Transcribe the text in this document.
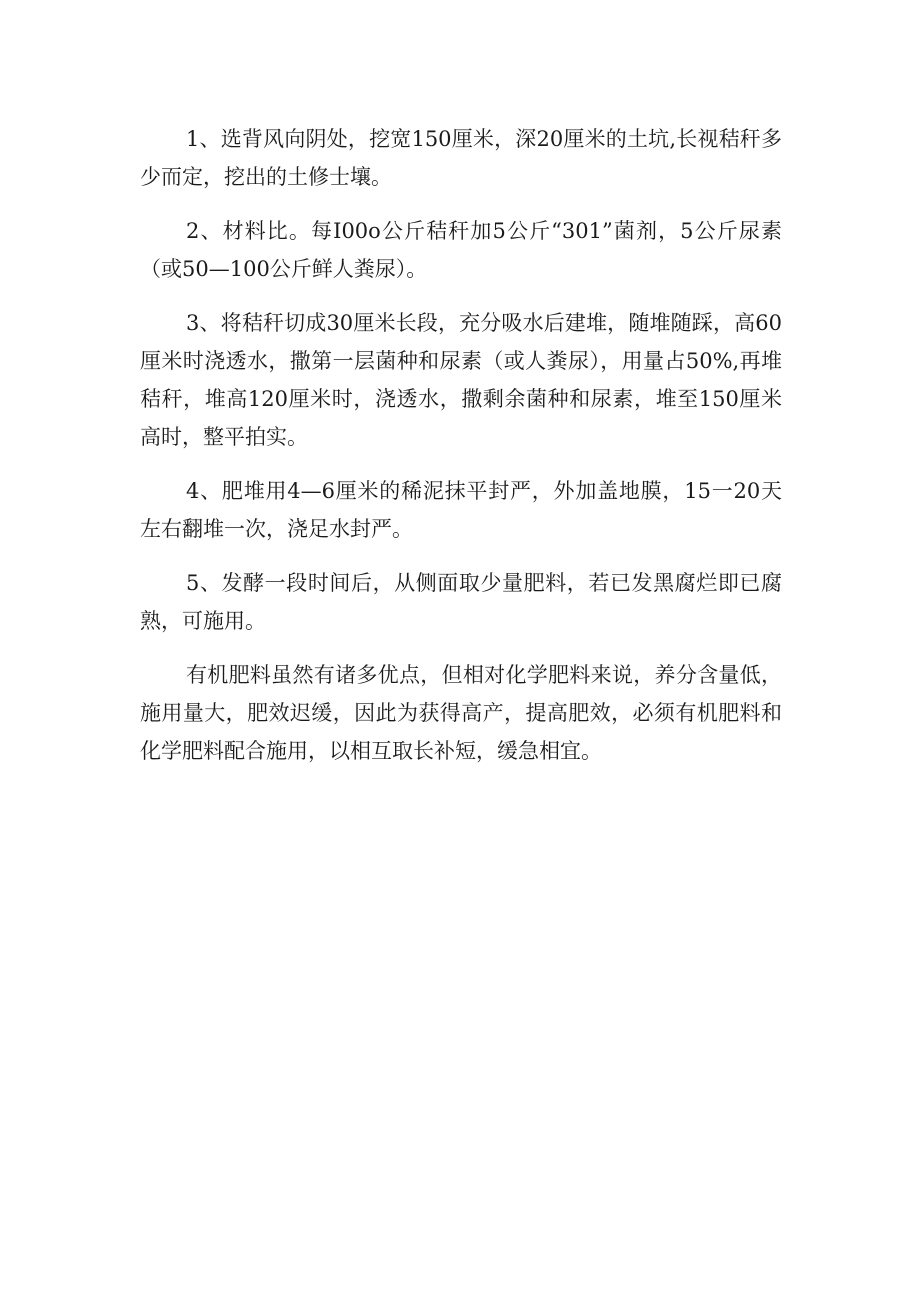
1、选背风向阴处，挖宽150厘米，深20厘米的土坑,长视秸秆多少而定，挖出的土修士壤。

2、材料比。每I00o公斤秸秆加5公斤“301”菌剂，5公斤尿素（或50—100公斤鲜人粪尿）。

3、将秸秆切成30厘米长段，充分吸水后建堆，随堆随踩，高60厘米时浇透水，撒第一层菌种和尿素（或人粪尿），用量占50%,再堆秸秆，堆高120厘米时，浇透水，撒剩余菌种和尿素，堆至150厘米高时，整平拍实。

4、肥堆用4—6厘米的稀泥抹平封严，外加盖地膜，15一20天左右翻堆一次，浇足水封严。

5、发酵一段时间后，从侧面取少量肥料，若已发黑腐烂即已腐熟，可施用。

有机肥料虽然有诸多优点，但相对化学肥料来说，养分含量低，施用量大，肥效迟缓，因此为获得高产，提高肥效，必须有机肥料和化学肥料配合施用，以相互取长补短，缓急相宜。
